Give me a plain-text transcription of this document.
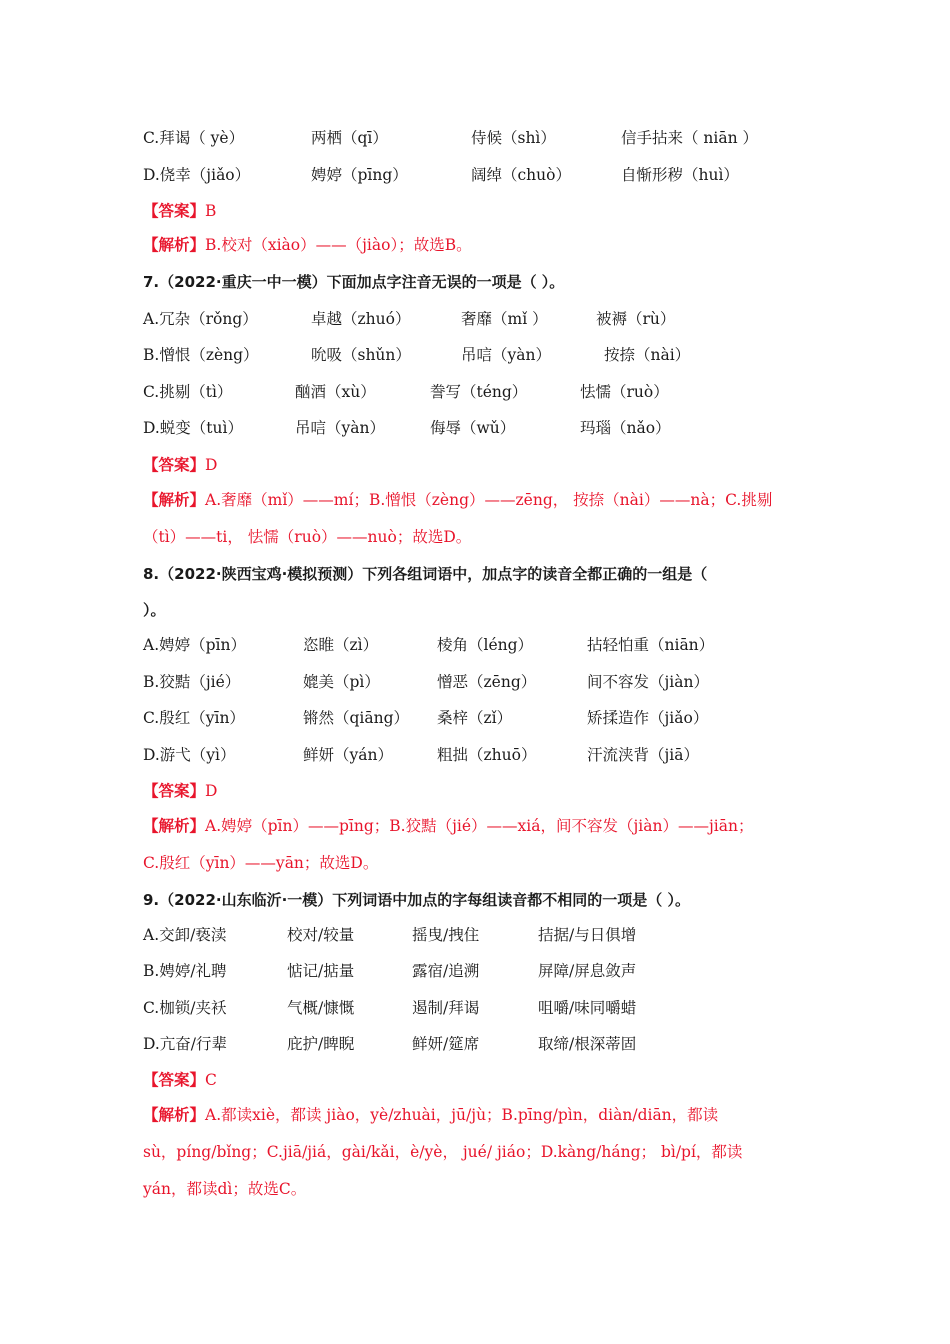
C.拜谒（ yè）	两栖（qī）	侍候（shì）	信手拈来（ niān ）
D.侥幸（jiǎo）	娉婷（pīng）	阔绰（chuò）	自惭形秽（huì）
【答案】B
【解析】B.校对（xiào）——（jiào）；故选B。
7.（2022·重庆一中一模）下面加点字注音无误的一项是（ ）。
A.冗杂（rǒng）	卓越（zhuó）	奢靡（mǐ ）	被褥（rù）
B.憎恨（zèng）	吮吸（shǔn）	吊唁（yàn）	按捺（nài）
C.挑剔（tì）	酗酒（xù）	誊写（téng）	怯懦（ruò）
D.蜕变（tuì）	吊唁（yàn）	侮辱（wǔ）	玛瑙（nǎo）
【答案】D
【解析】A.奢靡（mǐ）——mí；B.憎恨（zèng）——zēng， 按捺（nài）——nà；C.挑剔
（tì）——ti， 怯懦（ruò）——nuò；故选D。
8.（2022·陕西宝鸡·模拟预测）下列各组词语中，加点字的读音全都正确的一组是（
）。
A.娉婷（pīn）	恣睢（zì）	棱角（léng）	拈轻怕重（niān）
B.狡黠（jié）	媲美（pì）	憎恶（zēng）	间不容发（jiàn）
C.殷红（yīn）	锵然（qiāng） 桑梓（zǐ）	矫揉造作（jiǎo）
D.游弋（yì）	鲜妍（yán）	粗拙（zhuō）	汗流浃背（jiā）
【答案】D
【解析】A.娉婷（pīn）——pīng；B.狡黠（jié）——xiá，间不容发（jiàn）——jiān；
C.殷红（yīn）——yān；故选D。
9.（2022·山东临沂·一模）下列词语中加点的字每组读音都不相同的一项是（ ）。
A.交卸/亵渎	校对/较量	摇曳/拽住	拮据/与日俱增
B.娉婷/礼聘	惦记/掂量	露宿/追溯	屏障/屏息敛声
C.枷锁/夹袄	气概/慷慨	遏制/拜谒	咀嚼/味同嚼蜡
D.亢奋/行辈	庇护/睥睨	鲜妍/筵席	取缔/根深蒂固
【答案】C
【解析】A.都读xiè，都读 jiào，yè/zhuài，jū/jù；B.pīng/pìn，diàn/diān，都读
sù，píng/bǐng；C.jiā/jiá，gài/kǎi，è/yè， jué/ jiáo；D.kàng/háng； bì/pí，都读
yán，都读dì；故选C。
